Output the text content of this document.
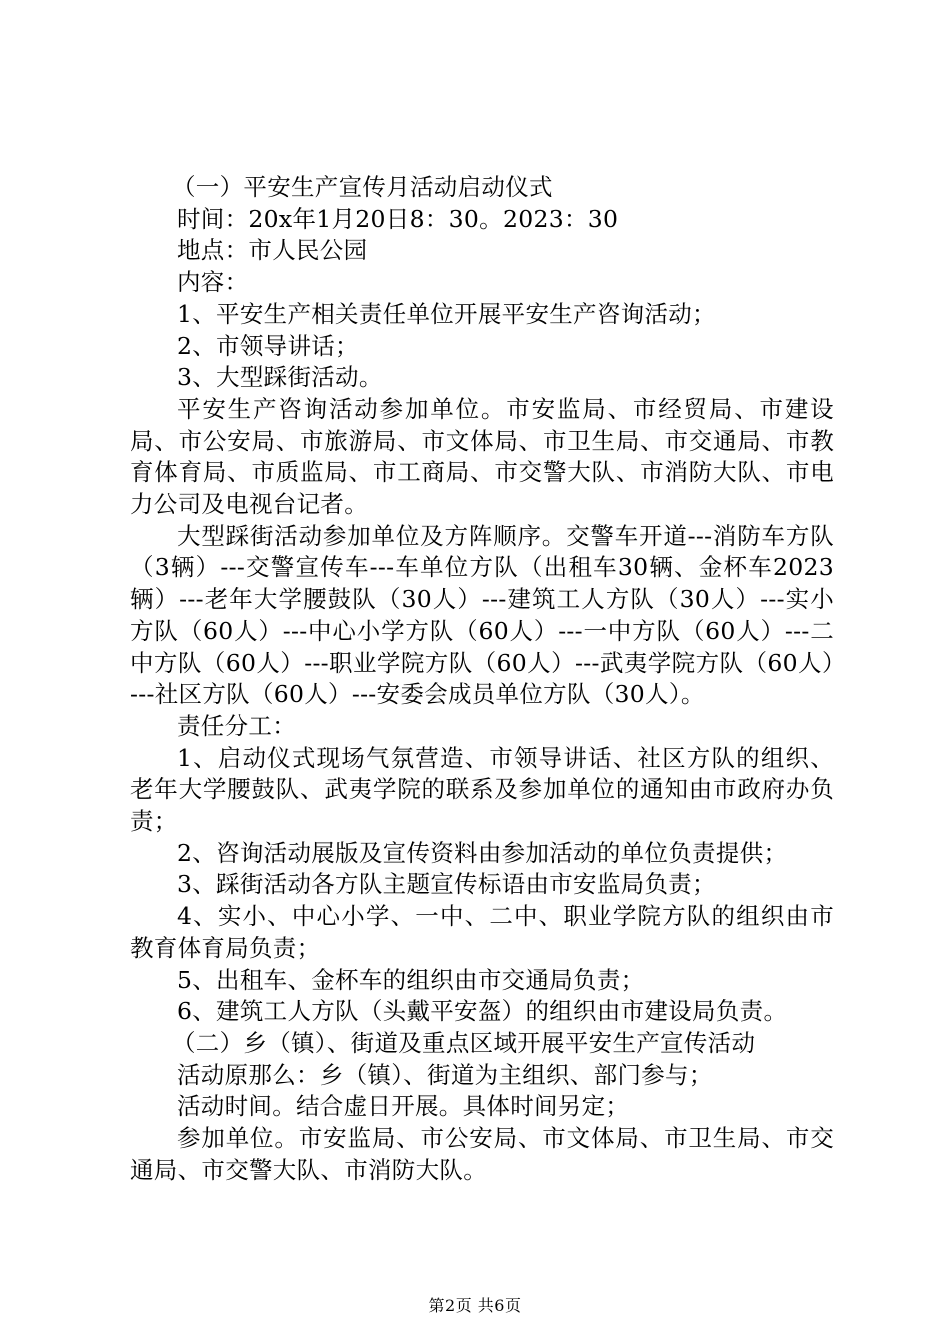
（一）平安生产宣传月活动启动仪式

时间：20x年1月20日8：30。2023：30

地点：市人民公园

内容：

1、平安生产相关责任单位开展平安生产咨询活动；

2、市领导讲话；

3、大型踩街活动。

平安生产咨询活动参加单位。市安监局、市经贸局、市建设局、市公安局、市旅游局、市文体局、市卫生局、市交通局、市教育体育局、市质监局、市工商局、市交警大队、市消防大队、市电力公司及电视台记者。

大型踩街活动参加单位及方阵顺序。交警车开道---消防车方队（3辆）---交警宣传车---车单位方队（出租车30辆、金杯车2023辆）---老年大学腰鼓队（30人）---建筑工人方队（30人）---实小方队（60人）---中心小学方队（60人）---一中方队（60人）---二中方队（60人）---职业学院方队（60人）---武夷学院方队（60人）---社区方队（60人）---安委会成员单位方队（30人）。

责任分工：

1、启动仪式现场气氛营造、市领导讲话、社区方队的组织、老年大学腰鼓队、武夷学院的联系及参加单位的通知由市政府办负责；

2、咨询活动展版及宣传资料由参加活动的单位负责提供；

3、踩街活动各方队主题宣传标语由市安监局负责；

4、实小、中心小学、一中、二中、职业学院方队的组织由市教育体育局负责；

5、出租车、金杯车的组织由市交通局负责；

6、建筑工人方队（头戴平安盔）的组织由市建设局负责。

（二）乡（镇）、街道及重点区域开展平安生产宣传活动

活动原那么：乡（镇）、街道为主组织、部门参与；

活动时间。结合虚日开展。具体时间另定；

参加单位。市安监局、市公安局、市文体局、市卫生局、市交通局、市交警大队、市消防大队。

第2页 共6页
